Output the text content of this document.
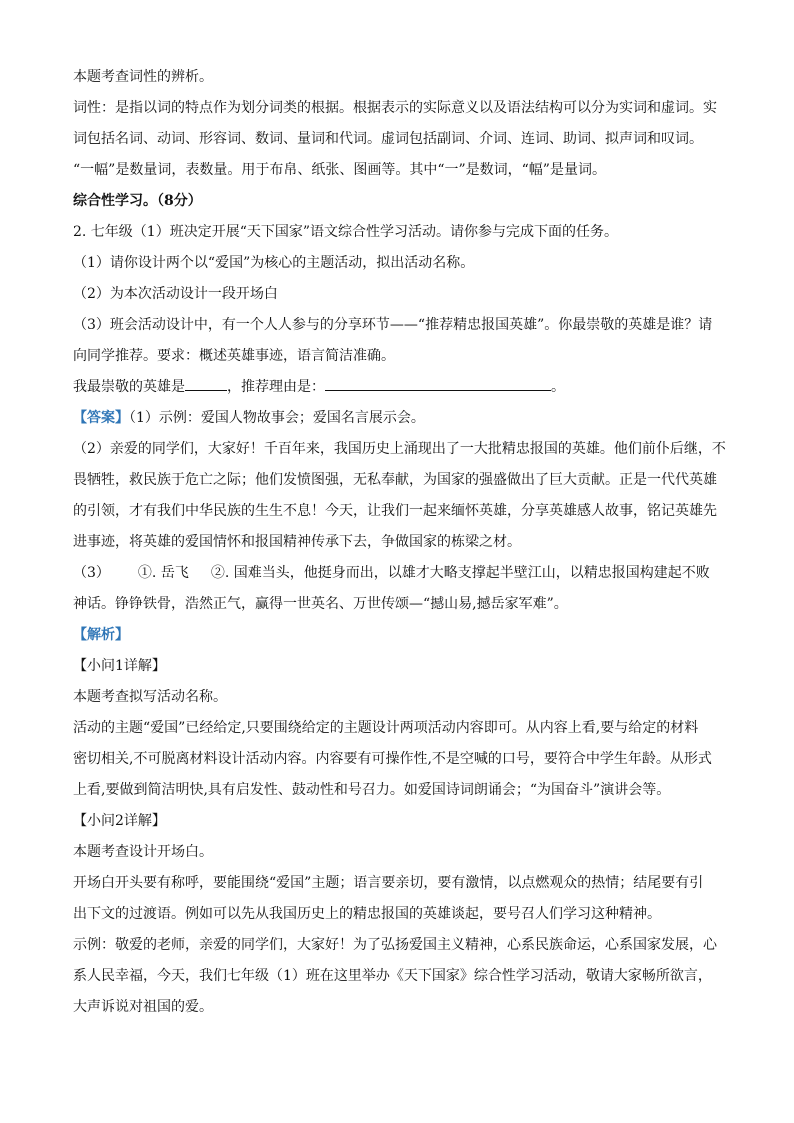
本题考查词性的辨析。
词性：是指以词的特点作为划分词类的根据。根据表示的实际意义以及语法结构可以分为实词和虚词。实
词包括名词、动词、形容词、数词、量词和代词。虚词包括副词、介词、连词、助词、拟声词和叹词。
“一幅”是数量词，表数量。用于布帛、纸张、图画等。其中“一”是数词，“幅”是量词。
综合性学习。（8分）
2. 七年级（1）班决定开展“天下国家”语文综合性学习活动。请你参与完成下面的任务。
（1）请你设计两个以“爱国”为核心的主题活动，拟出活动名称。
（2）为本次活动设计一段开场白
（3）班会活动设计中，有一个人人参与的分享环节——“推荐精忠报国英雄”。你最崇敬的英雄是谁？请
向同学推荐。要求：概述英雄事迹，语言简洁准确。
我最崇敬的英雄是	，推荐理由是：	。
【答案】（1）示例：爱国人物故事会；爱国名言展示会。
（2）亲爱的同学们，大家好！千百年来，我国历史上涌现出了一大批精忠报国的英雄。他们前仆后继，不
畏牺牲，救民族于危亡之际；他们发愤图强，无私奉献，为国家的强盛做出了巨大贡献。正是一代代英雄
的引领，才有我们中华民族的生生不息！今天，让我们一起来缅怀英雄，分享英雄感人故事，铭记英雄先
进事迹，将英雄的爱国情怀和报国精神传承下去，争做国家的栋梁之材。
（3） ①. 岳飞 ②. 国难当头，他挺身而出，以雄才大略支撑起半壁江山，以精忠报国构建起不败
神话。铮铮铁骨，浩然正气，赢得一世英名、万世传颂—“撼山易,撼岳家军难”。
【解析】
【小问1详解】
本题考查拟写活动名称。
活动的主题“爱国”已经给定,只要围绕给定的主题设计两项活动内容即可。从内容上看,要与给定的材料
密切相关,不可脱离材料设计活动内容。内容要有可操作性,不是空喊的口号，要符合中学生年龄。从形式
上看,要做到简洁明快,具有启发性、鼓动性和号召力。如爱国诗词朗诵会；“为国奋斗”演讲会等。
【小问2详解】
本题考查设计开场白。
开场白开头要有称呼，要能围绕“爱国”主题；语言要亲切，要有激情，以点燃观众的热情；结尾要有引
出下文的过渡语。例如可以先从我国历史上的精忠报国的英雄谈起，要号召人们学习这种精神。
示例：敬爱的老师，亲爱的同学们，大家好！为了弘扬爱国主义精神，心系民族命运，心系国家发展，心
系人民幸福，今天，我们七年级（1）班在这里举办《天下国家》综合性学习活动，敬请大家畅所欲言，
大声诉说对祖国的爱。
